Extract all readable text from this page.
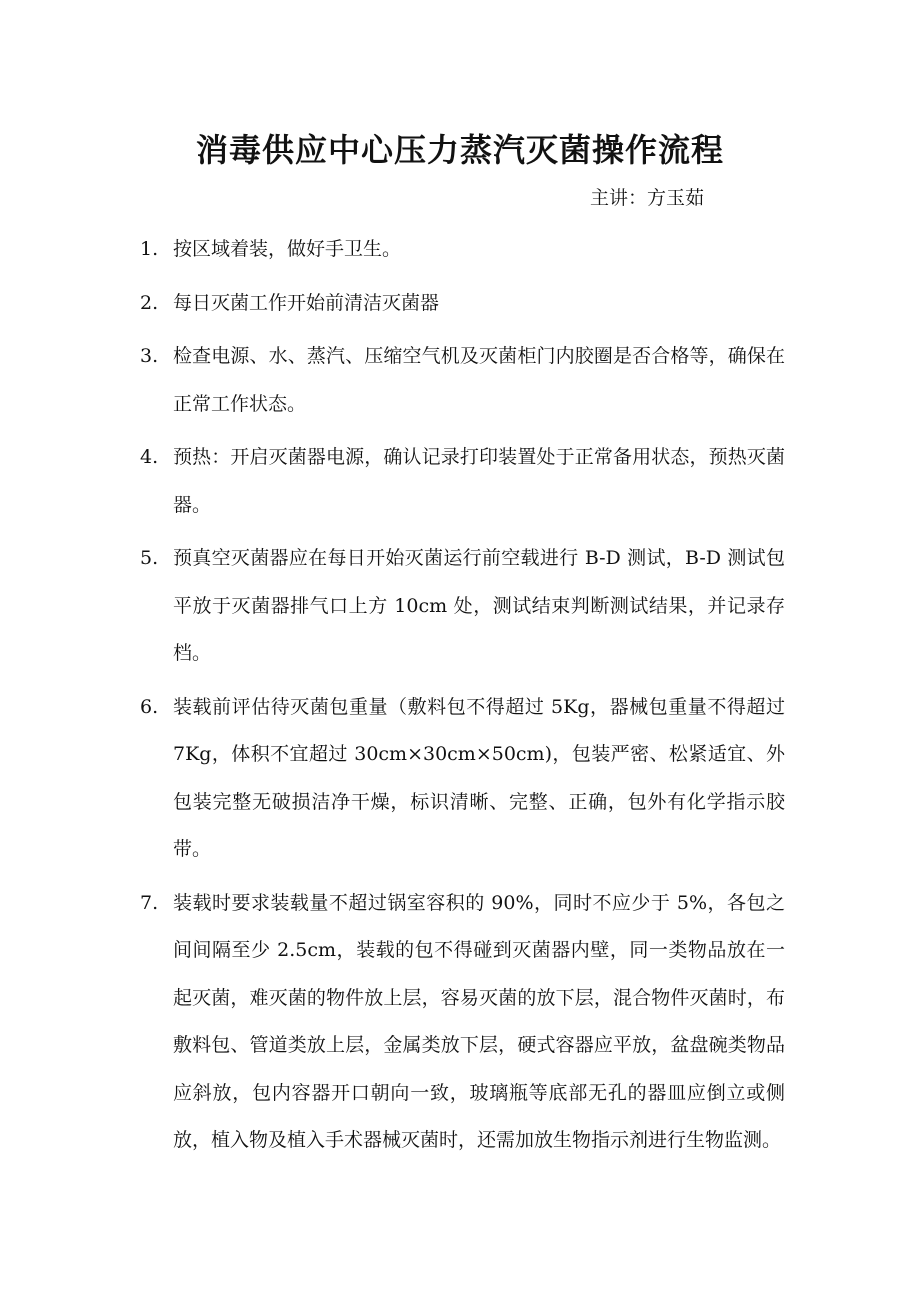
消毒供应中心压力蒸汽灭菌操作流程

主讲：方玉茹

1. 按区域着装，做好手卫生。
2. 每日灭菌工作开始前清洁灭菌器
3. 检查电源、水、蒸汽、压缩空气机及灭菌柜门内胶圈是否合格等，确保在正常工作状态。
4. 预热：开启灭菌器电源，确认记录打印装置处于正常备用状态，预热灭菌器。
5. 预真空灭菌器应在每日开始灭菌运行前空载进行 B-D 测试，B-D 测试包平放于灭菌器排气口上方 10cm 处，测试结束判断测试结果，并记录存档。
6. 装载前评估待灭菌包重量（敷料包不得超过 5Kg，器械包重量不得超过 7Kg，体积不宜超过 30cm×30cm×50cm)，包装严密、松紧适宜、外包装完整无破损洁净干燥，标识清晰、完整、正确，包外有化学指示胶带。
7. 装载时要求装载量不超过锅室容积的 90%，同时不应少于 5%，各包之间间隔至少 2.5cm，装载的包不得碰到灭菌器内壁，同一类物品放在一起灭菌，难灭菌的物件放上层，容易灭菌的放下层，混合物件灭菌时，布敷料包、管道类放上层，金属类放下层，硬式容器应平放，盆盘碗类物品应斜放，包内容器开口朝向一致，玻璃瓶等底部无孔的器皿应倒立或侧放，植入物及植入手术器械灭菌时，还需加放生物指示剂进行生物监测。
